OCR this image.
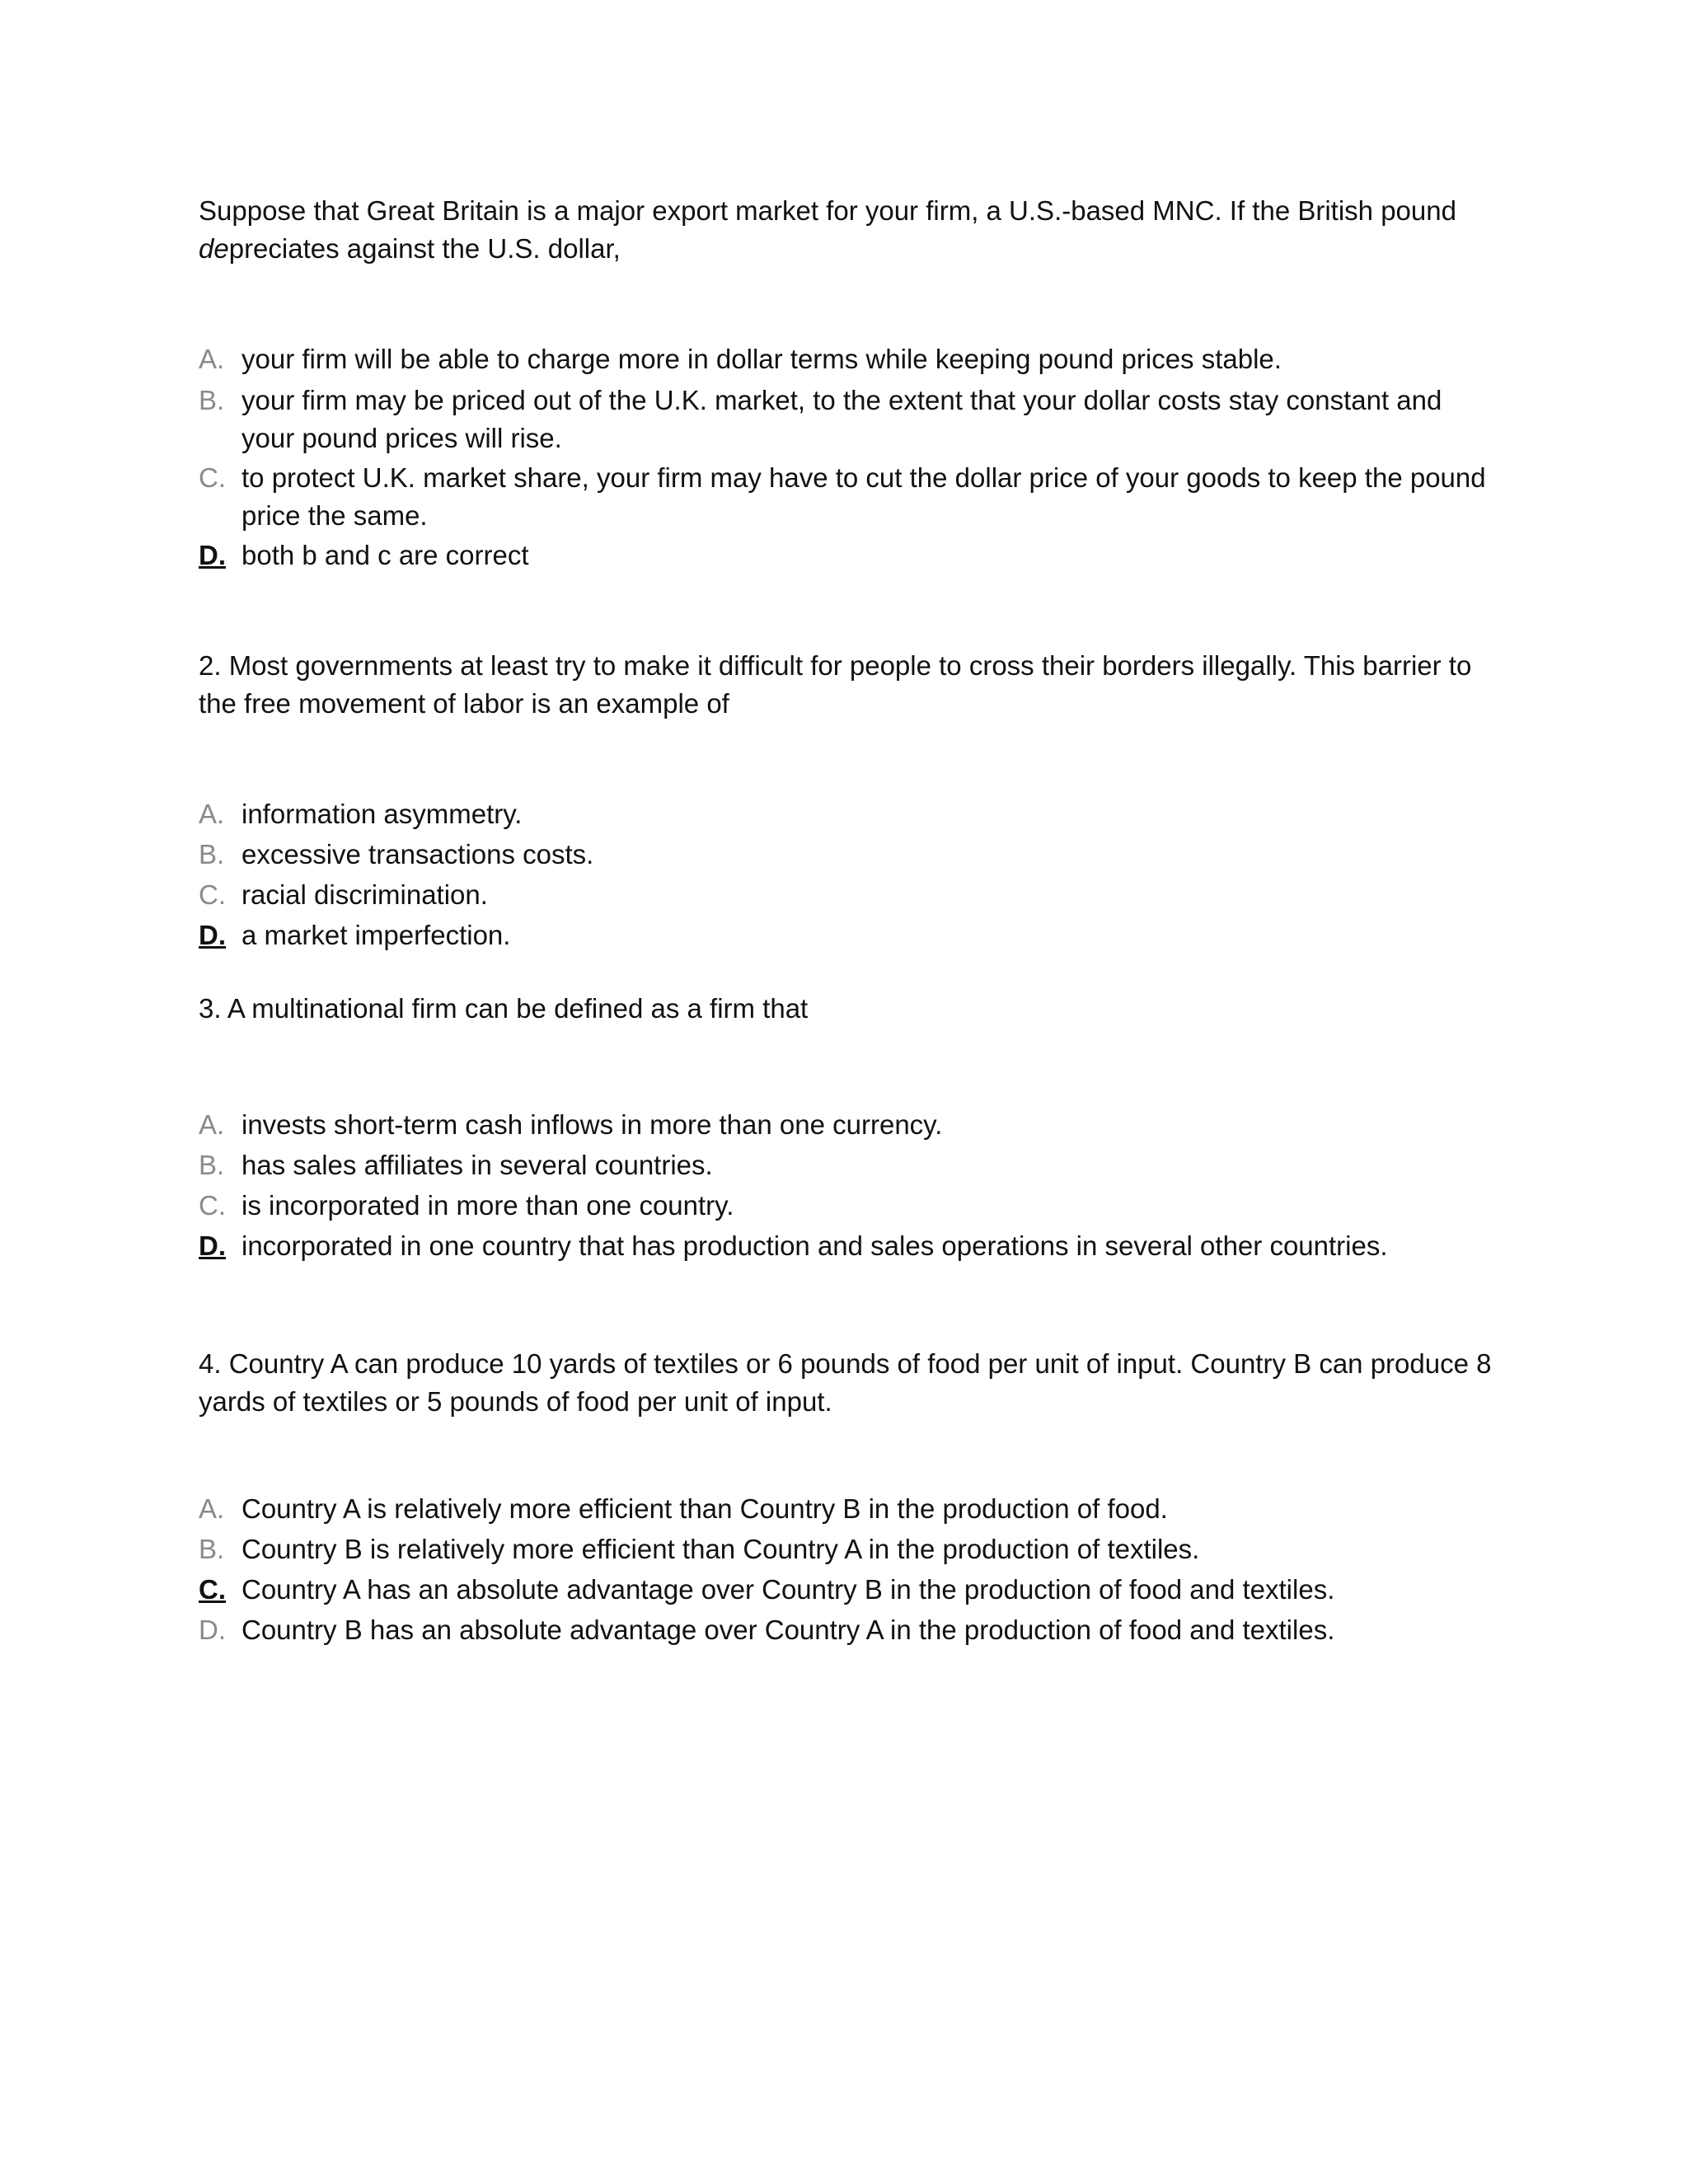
Suppose that Great Britain is a major export market for your firm, a U.S.-based MNC. If the British pound depreciates against the U.S. dollar,
A. your firm will be able to charge more in dollar terms while keeping pound prices stable.
B. your firm may be priced out of the U.K. market, to the extent that your dollar costs stay constant and your pound prices will rise.
C. to protect U.K. market share, your firm may have to cut the dollar price of your goods to keep the pound price the same.
D. both b and c are correct
2. Most governments at least try to make it difficult for people to cross their borders illegally. This barrier to the free movement of labor is an example of
A. information asymmetry.
B. excessive transactions costs.
C. racial discrimination.
D. a market imperfection.
3. A multinational firm can be defined as a firm that
A. invests short-term cash inflows in more than one currency.
B. has sales affiliates in several countries.
C. is incorporated in more than one country.
D. incorporated in one country that has production and sales operations in several other countries.
4. Country A can produce 10 yards of textiles or 6 pounds of food per unit of input. Country B can produce 8 yards of textiles or 5 pounds of food per unit of input.
A. Country A is relatively more efficient than Country B in the production of food.
B. Country B is relatively more efficient than Country A in the production of textiles.
C. Country A has an absolute advantage over Country B in the production of food and textiles.
D. Country B has an absolute advantage over Country A in the production of food and textiles.
